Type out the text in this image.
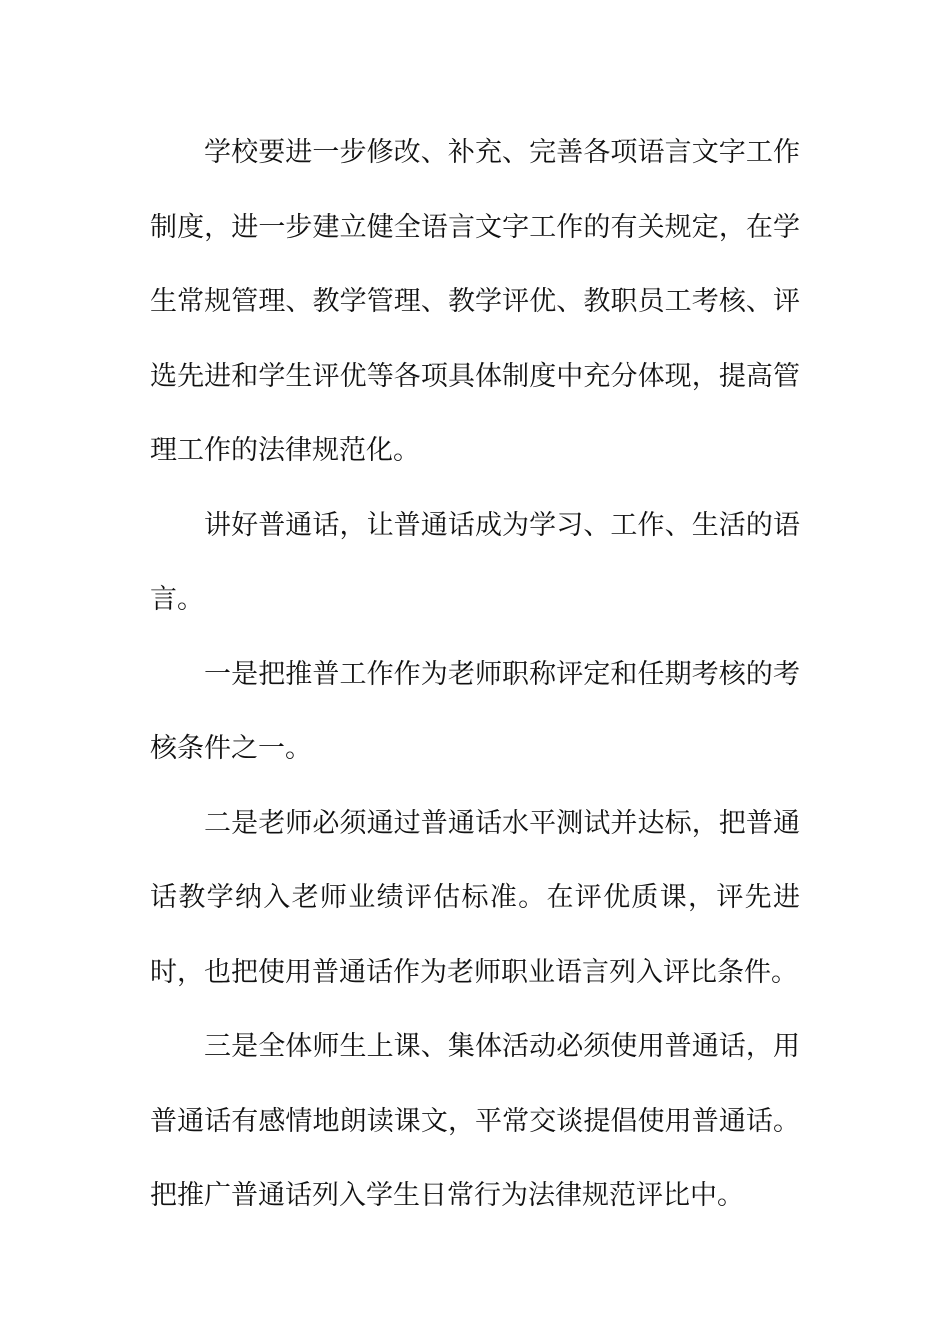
学校要进一步修改、补充、完善各项语言文字工作制度，进一步建立健全语言文字工作的有关规定，在学生常规管理、教学管理、教学评优、教职员工考核、评选先进和学生评优等各项具体制度中充分体现，提高管理工作的法律规范化。

讲好普通话，让普通话成为学习、工作、生活的语言。

一是把推普工作作为老师职称评定和任期考核的考核条件之一。

二是老师必须通过普通话水平测试并达标，把普通话教学纳入老师业绩评估标准。在评优质课，评先进时，也把使用普通话作为老师职业语言列入评比条件。

三是全体师生上课、集体活动必须使用普通话，用普通话有感情地朗读课文，平常交谈提倡使用普通话。把推广普通话列入学生日常行为法律规范评比中。
